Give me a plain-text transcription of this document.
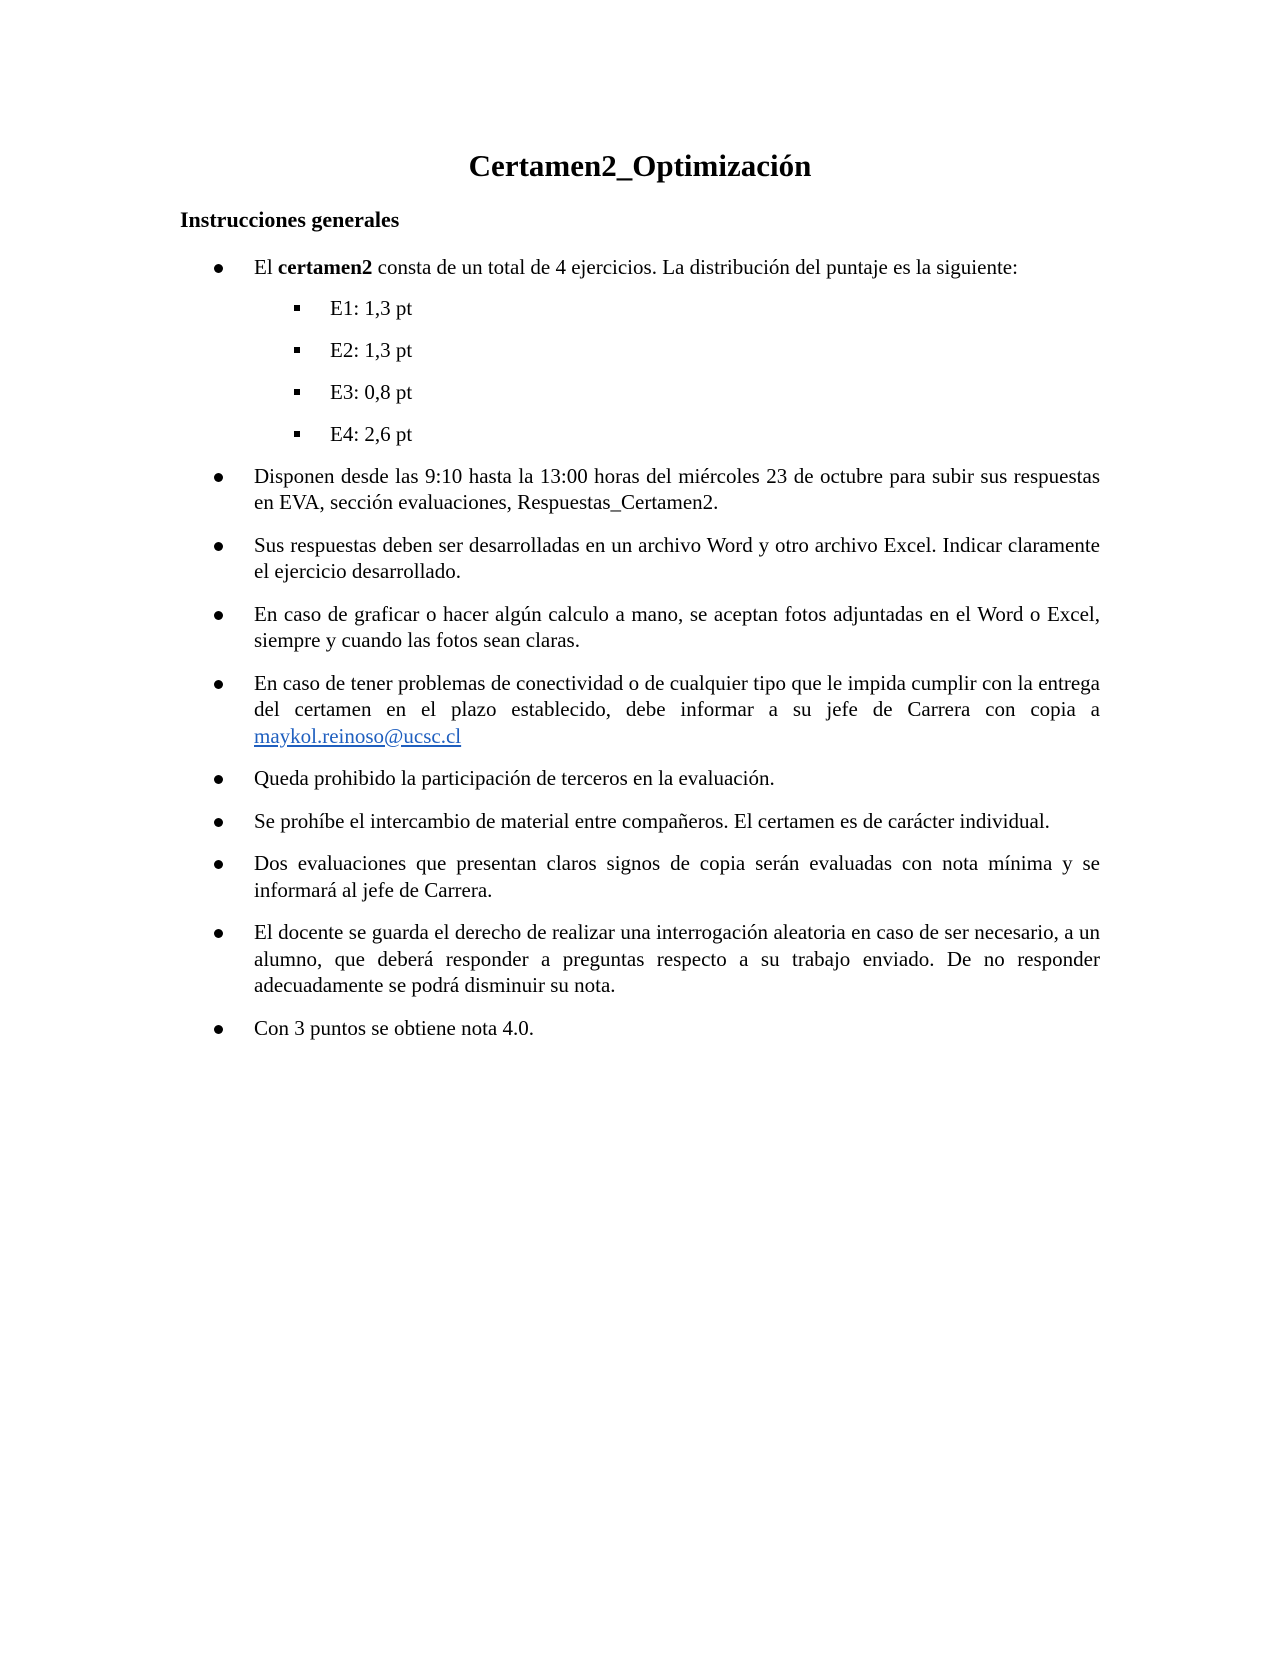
Certamen2_Optimización
Instrucciones generales
El certamen2 consta de un total de 4 ejercicios. La distribución del puntaje es la siguiente:
E1: 1,3 pt
E2: 1,3 pt
E3: 0,8 pt
E4: 2,6 pt
Disponen desde las 9:10 hasta la 13:00 horas del miércoles 23 de octubre para subir sus respuestas en EVA, sección evaluaciones, Respuestas_Certamen2.
Sus respuestas deben ser desarrolladas en un archivo Word y otro archivo Excel. Indicar claramente el ejercicio desarrollado.
En caso de graficar o hacer algún calculo a mano, se aceptan fotos adjuntadas en el Word o Excel, siempre y cuando las fotos sean claras.
En caso de tener problemas de conectividad o de cualquier tipo que le impida cumplir con la entrega del certamen en el plazo establecido, debe informar a su jefe de Carrera con copia a maykol.reinoso@ucsc.cl
Queda prohibido la participación de terceros en la evaluación.
Se prohíbe el intercambio de material entre compañeros. El certamen es de carácter individual.
Dos evaluaciones que presentan claros signos de copia serán evaluadas con nota mínima y se informará al jefe de Carrera.
El docente se guarda el derecho de realizar una interrogación aleatoria en caso de ser necesario, a un alumno, que deberá responder a preguntas respecto a su trabajo enviado. De no responder adecuadamente se podrá disminuir su nota.
Con 3 puntos se obtiene nota 4.0.
